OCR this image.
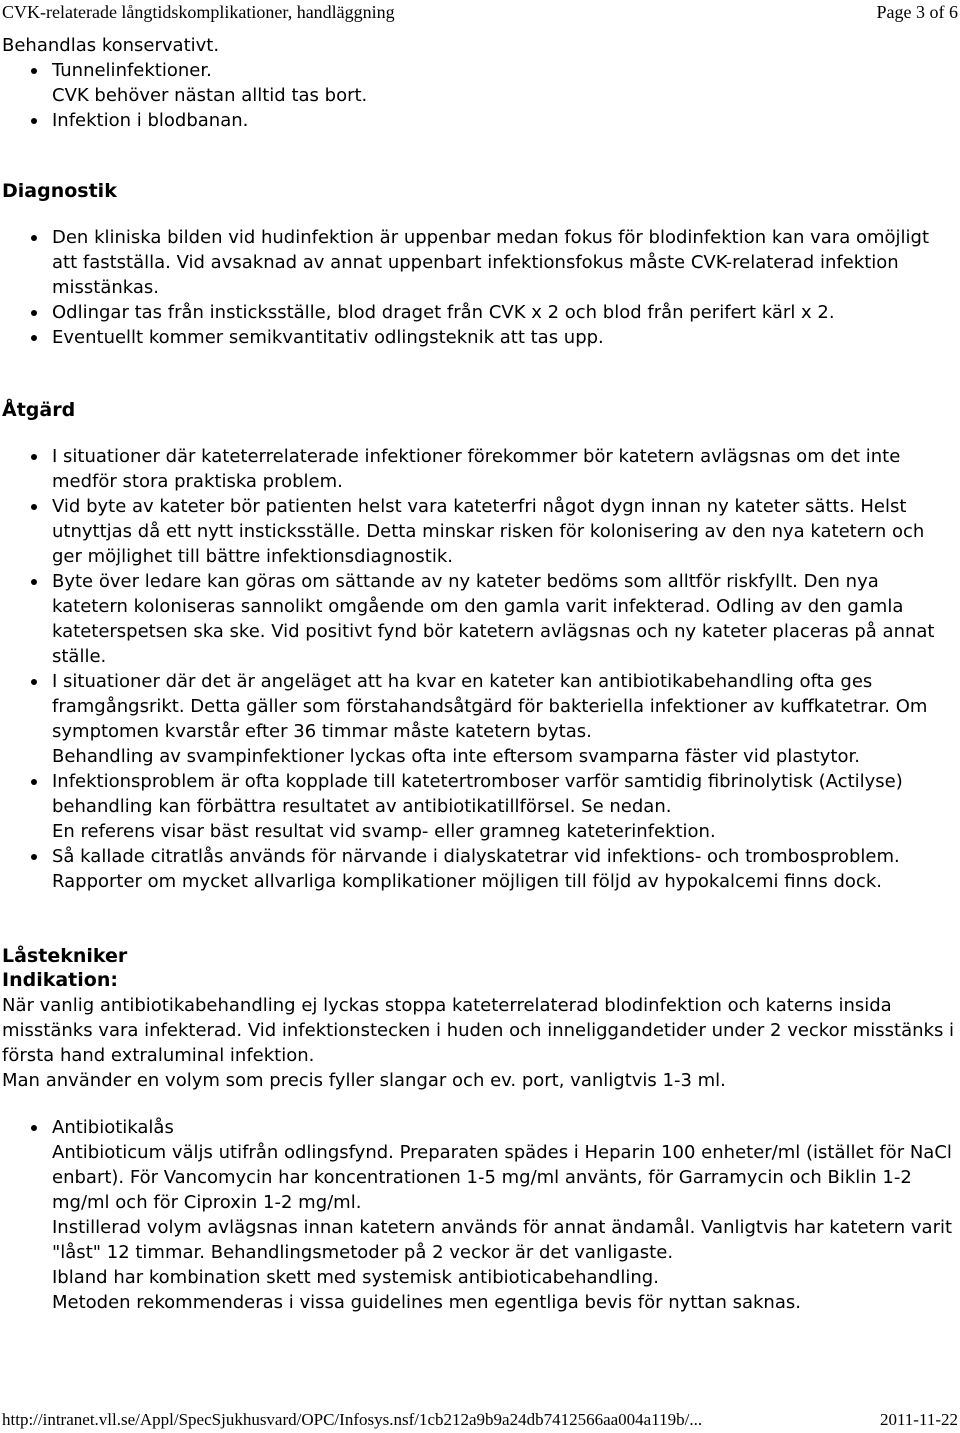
CVK-relaterade långtidskomplikationer, handläggning	Page 3 of 6

Behandlas konservativt.

Tunnelinfektioner.
CVK behöver nästan alltid tas bort.
Infektion i blodbanan.
Diagnostik
Den kliniska bilden vid hudinfektion är uppenbar medan fokus för blodinfektion kan vara omöjligt att fastställa. Vid avsaknad av annat uppenbart infektionsfokus måste CVK-relaterad infektion misstänkas.
Odlingar tas från insticksställe, blod draget från CVK x 2 och blod från perifert kärl x 2.
Eventuellt kommer semikvantitativ odlingsteknik att tas upp.
Åtgärd
I situationer där kateterrelaterade infektioner förekommer bör katetern avlägsnas om det inte medför stora praktiska problem.
Vid byte av kateter bör patienten helst vara kateterfri något dygn innan ny kateter sätts. Helst utnyttjas då ett nytt insticksställe. Detta minskar risken för kolonisering av den nya katetern och ger möjlighet till bättre infektionsdiagnostik.
Byte över ledare kan göras om sättande av ny kateter bedöms som alltför riskfyllt. Den nya katetern koloniseras sannolikt omgående om den gamla varit infekterad. Odling av den gamla kateterspetsen ska ske. Vid positivt fynd bör katetern avlägsnas och ny kateter placeras på annat ställe.
I situationer där det är angeläget att ha kvar en kateter kan antibiotikabehandling ofta ges framgångsrikt. Detta gäller som förstahandsåtgärd för bakteriella infektioner av kuffkatetrar. Om symptomen kvarstår efter 36 timmar måste katetern bytas.
Behandling av svampinfektioner lyckas ofta inte eftersom svamparna fäster vid plastytor.
Infektionsproblem är ofta kopplade till katetertromboser varför samtidig fibrinolytisk (Actilyse) behandling kan förbättra resultatet av antibiotikatillförsel. Se nedan.
En referens visar bäst resultat vid svamp- eller gramneg kateterinfektion.
Så kallade citratlås används för närvande i dialyskatetrar vid infektions- och trombosproblem. Rapporter om mycket allvarliga komplikationer möjligen till följd av hypokalcemi finns dock.
Låstekniker
Indikation:

När vanlig antibiotikabehandling ej lyckas stoppa kateterrelaterad blodinfektion och katerns insida misstänks vara infekterad. Vid infektionstecken i huden och inneliggandetider under 2 veckor misstänks i första hand extraluminal infektion.
Man använder en volym som precis fyller slangar och ev. port, vanligtvis 1-3 ml.

Antibiotikalås
Antibioticum väljs utifrån odlingsfynd. Preparaten spädes i Heparin 100 enheter/ml (istället för NaCl enbart). För Vancomycin har koncentrationen 1-5 mg/ml använts, för Garramycin och Biklin 1-2 mg/ml och för Ciproxin 1-2 mg/ml.
Instillerad volym avlägsnas innan katetern används för annat ändamål. Vanligtvis har katetern varit "låst" 12 timmar. Behandlingsmetoder på 2 veckor är det vanligaste.
Ibland har kombination skett med systemisk antibioticabehandling.
Metoden rekommenderas i vissa guidelines men egentliga bevis för nyttan saknas.
http://intranet.vll.se/Appl/SpecSjukhusvard/OPC/Infosys.nsf/1cb212a9b9a24db7412566aa004a119b/...	2011-11-22
